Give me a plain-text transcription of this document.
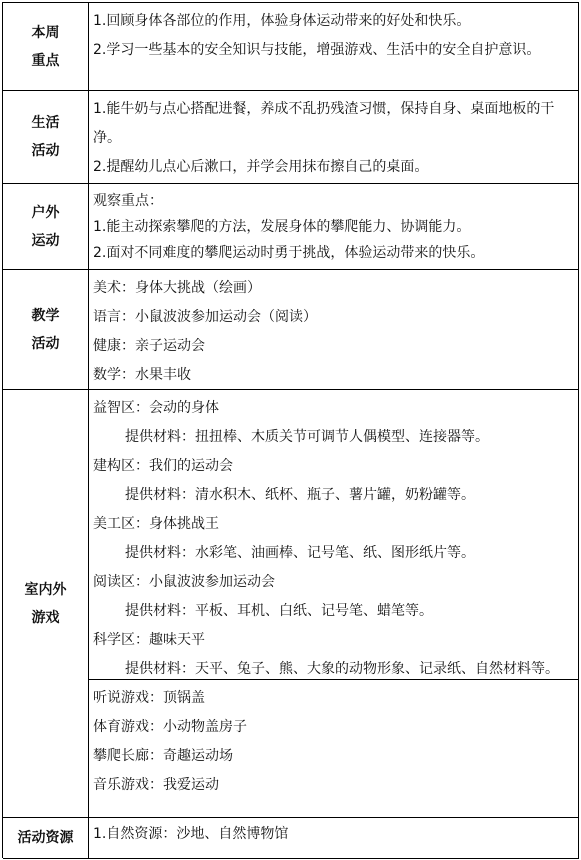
本周
重点
1.回顾身体各部位的作用，体验身体运动带来的好处和快乐。
2.学习一些基本的安全知识与技能，增强游戏、生活中的安全自护意识。
生活
活动
1.能牛奶与点心搭配进餐，养成不乱扔残渣习惯，保持自身、桌面地板的干净。
2.提醒幼儿点心后漱口，并学会用抹布擦自己的桌面。
户外
运动
观察重点：
1.能主动探索攀爬的方法，发展身体的攀爬能力、协调能力。
2.面对不同难度的攀爬运动时勇于挑战，体验运动带来的快乐。
教学
活动
美术：身体大挑战（绘画）
语言：小鼠波波参加运动会（阅读）
健康：亲子运动会
数学：水果丰收
室内外
游戏
益智区：会动的身体
提供材料：扭扭棒、木质关节可调节人偶模型、连接器等。
建构区：我们的运动会
提供材料：清水积木、纸杯、瓶子、薯片罐，奶粉罐等。
美工区：身体挑战王
提供材料：水彩笔、油画棒、记号笔、纸、图形纸片等。
阅读区：小鼠波波参加运动会
提供材料：平板、耳机、白纸、记号笔、蜡笔等。
科学区：趣味天平
提供材料：天平、兔子、熊、大象的动物形象、记录纸、自然材料等。
听说游戏：顶锅盖
体育游戏：小动物盖房子
攀爬长廊：奇趣运动场
音乐游戏：我爱运动
活动资源 1.自然资源：沙地、自然博物馆
